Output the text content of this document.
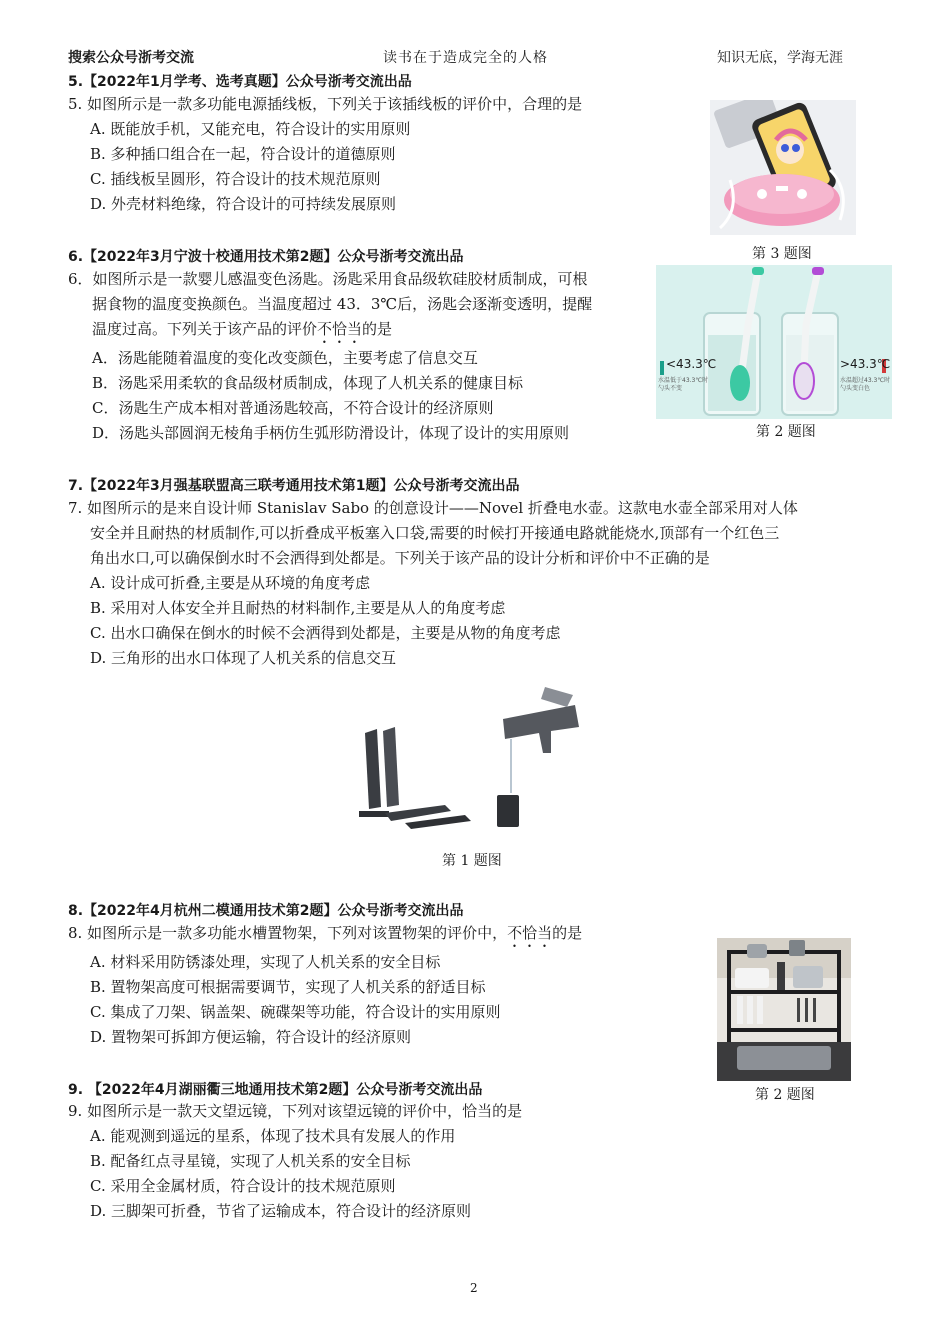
搜索公众号浙考交流	读书在于造成完全的人格	知识无底，学海无涯
5.【2022年1月学考、选考真题】公众号浙考交流出品
5. 如图所示是一款多功能电源插线板，下列关于该插线板的评价中，合理的是
A. 既能放手机，又能充电，符合设计的实用原则
B. 多种插口组合在一起，符合设计的道德原则
C. 插线板呈圆形，符合设计的技术规范原则
D. 外壳材料绝缘，符合设计的可持续发展原则
第 3 题图
6.【2022年3月宁波十校通用技术第2题】公众号浙考交流出品
6．如图所示是一款婴儿感温变色汤匙。汤匙采用食品级软硅胶材质制成，可根
据食物的温度变换颜色。当温度超过 43．3℃后，汤匙会逐渐变透明，提醒
温度过高。下列关于该产品的评价不恰当的是
A．汤匙能随着温度的变化改变颜色，主要考虑了信息交互
B．汤匙采用柔软的食品级材质制成，体现了人机关系的健康目标
C．汤匙生产成本相对普通汤匙较高，不符合设计的经济原则
D．汤匙头部圆润无棱角手柄仿生弧形防滑设计，体现了设计的实用原则
<43.3℃
水温低于43.3℃时
勺头不变
>43.3℃
水温超过43.3℃时
勺头变白色
第 2 题图
7.【2022年3月强基联盟高三联考通用技术第1题】公众号浙考交流出品
7. 如图所示的是来自设计师 Stanislav Sabo 的创意设计——Novel 折叠电水壶。这款电水壶全部采用对人体
安全并且耐热的材质制作,可以折叠成平板塞入口袋,需要的时候打开接通电路就能烧水,顶部有一个红色三
角出水口,可以确保倒水时不会洒得到处都是。下列关于该产品的设计分析和评价中不正确的是
A. 设计成可折叠,主要是从环境的角度考虑
B. 采用对人体安全并且耐热的材料制作,主要是从人的角度考虑
C. 出水口确保在倒水的时候不会洒得到处都是，主要是从物的角度考虑
D. 三角形的出水口体现了人机关系的信息交互
第 1 题图
8.【2022年4月杭州二模通用技术第2题】公众号浙考交流出品
8. 如图所示是一款多功能水槽置物架，下列对该置物架的评价中，不恰当的是
A. 材料采用防锈漆处理，实现了人机关系的安全目标
B. 置物架高度可根据需要调节，实现了人机关系的舒适目标
C. 集成了刀架、锅盖架、碗碟架等功能，符合设计的实用原则
D. 置物架可拆卸方便运输，符合设计的经济原则
第 2 题图
9. 【2022年4月湖丽衢三地通用技术第2题】公众号浙考交流出品
9. 如图所示是一款天文望远镜，下列对该望远镜的评价中，恰当的是
A. 能观测到遥远的星系，体现了技术具有发展人的作用
B. 配备红点寻星镜，实现了人机关系的安全目标
C. 采用全金属材质，符合设计的技术规范原则
D. 三脚架可折叠，节省了运输成本，符合设计的经济原则
2
